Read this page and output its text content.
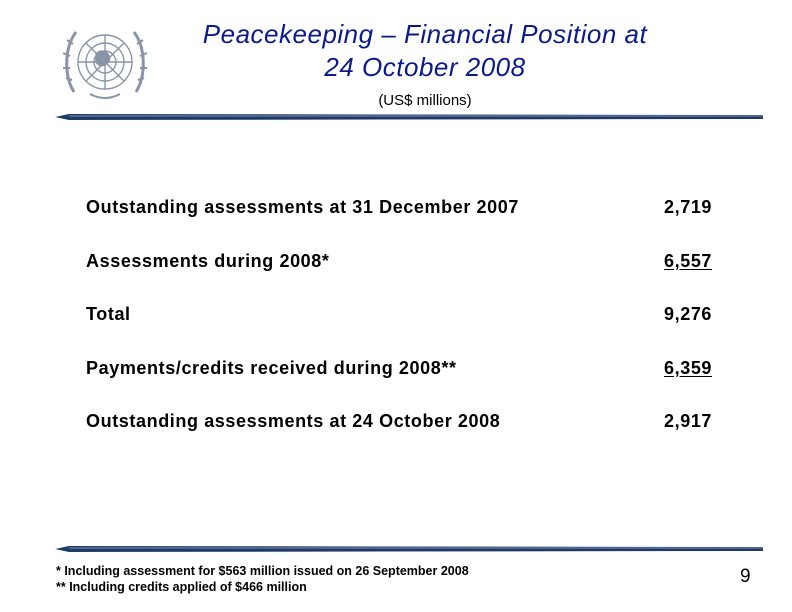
Peacekeeping – Financial Position at
24 October 2008
(US$ millions)
Outstanding assessments at 31 December 2007	2,719
Assessments during 2008*	6,557
Total	9,276
Payments/credits received during 2008**	6,359
Outstanding assessments at 24 October 2008	2,917
* Including assessment for $563 million issued on 26 September 2008
** Including credits applied of $466 million	9
